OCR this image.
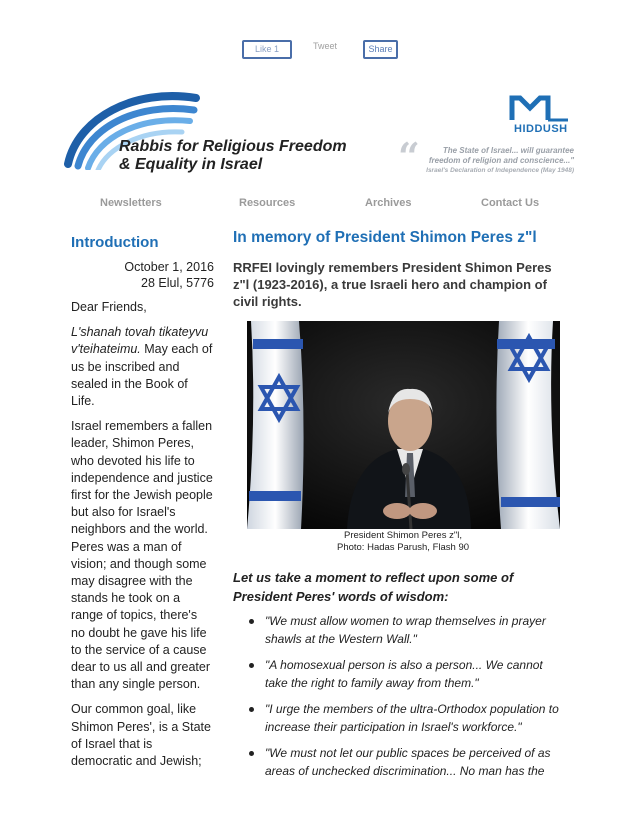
Like 1	Tweet	Share
Rabbis for Religious Freedom
& Equality in Israel
HIDDUSH
“	The State of Israel... will guarantee
freedom of religion and conscience..."
Israel's Declaration of Independence (May 1948)
Newsletters	Resources	Archives	Contact Us
Introduction
October 1, 2016
28 Elul, 5776

Dear Friends,

L'shanah tovah tikateyvu v'teihateimu. May each of us be inscribed and sealed in the Book of Life.

Israel remembers a fallen leader, Shimon Peres, who devoted his life to independence and justice first for the Jewish people but also for Israel's neighbors and the world. Peres was a man of vision; and though some may disagree with the stands he took on a range of topics, there's no doubt he gave his life to the service of a cause dear to us all and greater than any single person.

Our common goal, like Shimon Peres', is a State of Israel that is democratic and Jewish;

In memory of President Shimon Peres z"l

RRFEI lovingly remembers President Shimon Peres z"l (1923-2016), a true Israeli hero and champion of civil rights.

President Shimon Peres z"l,
Photo: Hadas Parush, Flash 90

Let us take a moment to reflect upon some of President Peres' words of wisdom:

"We must allow women to wrap themselves in prayer shawls at the Western Wall."
"A homosexual person is also a person... We cannot take the right to family away from them."
"I urge the members of the ultra-Orthodox population to increase their participation in Israel's workforce."
"We must not let our public spaces be perceived of as areas of unchecked discrimination... No man has the
